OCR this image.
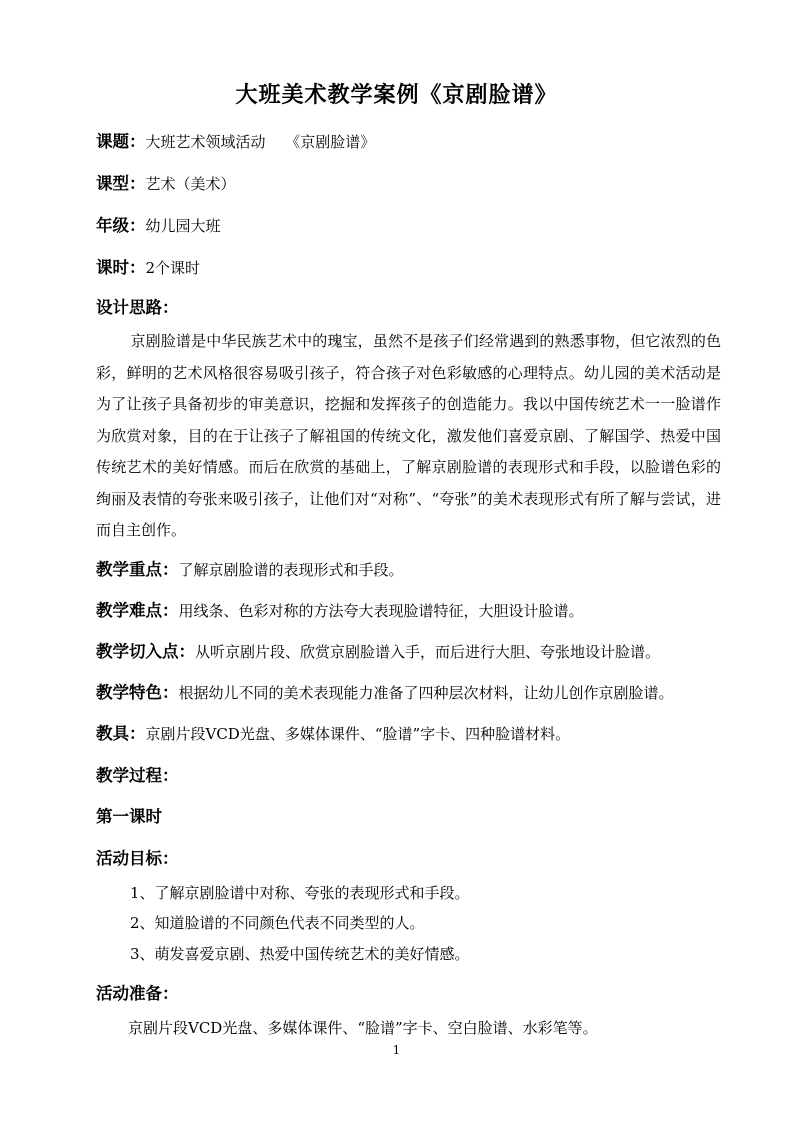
大班美术教学案例《京剧脸谱》
课题：大班艺术领域活动　 《京剧脸谱》
课型：艺术（美术）
年级：幼儿园大班
课时：2个课时
设计思路：
京剧脸谱是中华民族艺术中的瑰宝，虽然不是孩子们经常遇到的熟悉事物，但它浓烈的色彩，鲜明的艺术风格很容易吸引孩子，符合孩子对色彩敏感的心理特点。幼儿园的美术活动是为了让孩子具备初步的审美意识，挖掘和发挥孩子的创造能力。我以中国传统艺术一一脸谱作为欣赏对象，目的在于让孩子了解祖国的传统文化，激发他们喜爱京剧、了解国学、热爱中国传统艺术的美好情感。而后在欣赏的基础上，了解京剧脸谱的表现形式和手段，以脸谱色彩的绚丽及表情的夸张来吸引孩子，让他们对“对称”、“夸张”的美术表现形式有所了解与尝试，进而自主创作。
教学重点：了解京剧脸谱的表现形式和手段。
教学难点：用线条、色彩对称的方法夸大表现脸谱特征，大胆设计脸谱。
教学切入点：从听京剧片段、欣赏京剧脸谱入手，而后进行大胆、夸张地设计脸谱。
教学特色：根据幼儿不同的美术表现能力准备了四种层次材料，让幼儿创作京剧脸谱。
教具：京剧片段VCD光盘、多媒体课件、“脸谱”字卡、四种脸谱材料。
教学过程：
第一课时
活动目标：
1、了解京剧脸谱中对称、夸张的表现形式和手段。
2、知道脸谱的不同颜色代表不同类型的人。
3、萌发喜爱京剧、热爱中国传统艺术的美好情感。
活动准备：
京剧片段VCD光盘、多媒体课件、“脸谱”字卡、空白脸谱、水彩笔等。
1
